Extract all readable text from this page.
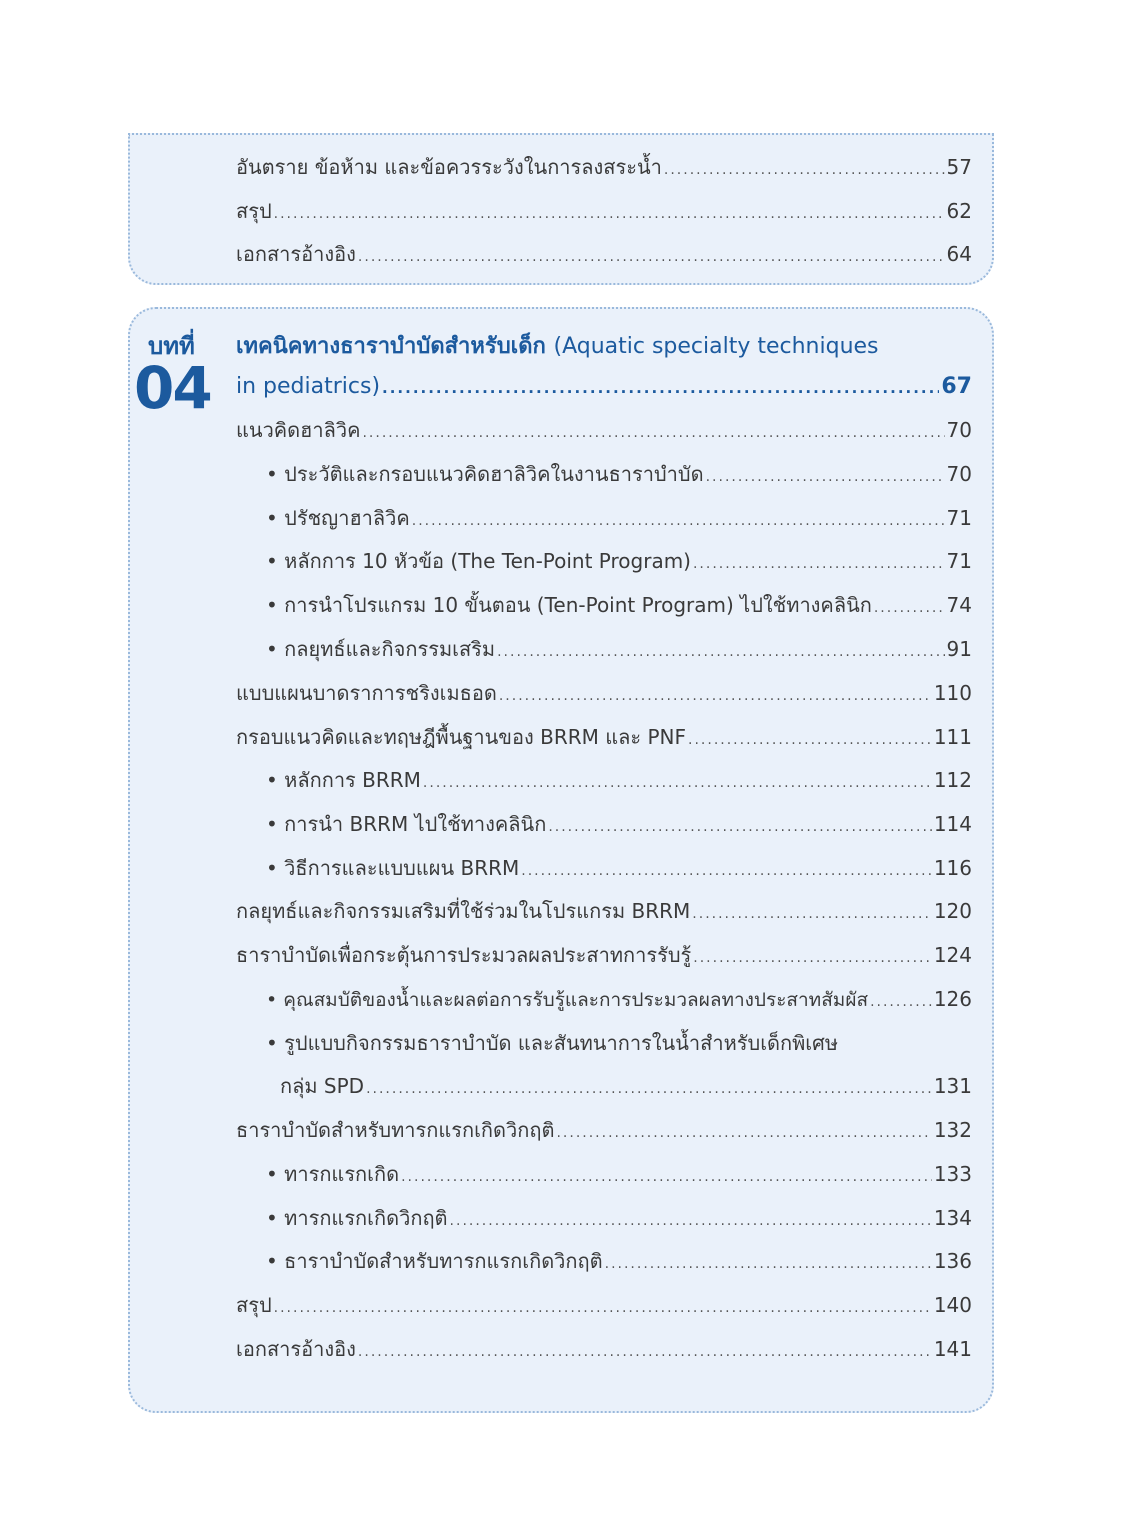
อันตราย ข้อห้าม และข้อควรระวังในการลงสระน้ำ .....	57
สรุป .....	62
เอกสารอ้างอิง .....	64
บทที่
04
เทคนิคทางธาราบำบัดสำหรับเด็ก (Aquatic specialty techniques
in pediatrics) .....	67
แนวคิดฮาลิวิค .....	70
• ประวัติและกรอบแนวคิดฮาลิวิคในงานธาราบำบัด .....	70
• ปรัชญาฮาลิวิค .....	71
• หลักการ 10 หัวข้อ (The Ten-Point Program) .....	71
• การนำโปรแกรม 10 ขั้นตอน (Ten-Point Program) ไปใช้ทางคลินิก .....	74
• กลยุทธ์และกิจกรรมเสริม .....	91
แบบแผนบาดราการชริงเมธอด .....	110
กรอบแนวคิดและทฤษฎีพื้นฐานของ BRRM และ PNF .....	111
• หลักการ BRRM .....	112
• การนำ BRRM ไปใช้ทางคลินิก .....	114
• วิธีการและแบบแผน BRRM .....	116
กลยุทธ์และกิจกรรมเสริมที่ใช้ร่วมในโปรแกรม BRRM .....	120
ธาราบำบัดเพื่อกระตุ้นการประมวลผลประสาทการรับรู้ .....	124
• คุณสมบัติของน้ำและผลต่อการรับรู้และการประมวลผลทางประสาทสัมผัส .....	126
• รูปแบบกิจกรรมธาราบำบัด และสันทนาการในน้ำสำหรับเด็กพิเศษ
กลุ่ม SPD .....	131
ธาราบำบัดสำหรับทารกแรกเกิดวิกฤติ .....	132
• ทารกแรกเกิด .....	133
• ทารกแรกเกิดวิกฤติ .....	134
• ธาราบำบัดสำหรับทารกแรกเกิดวิกฤติ .....	136
สรุป .....	140
เอกสารอ้างอิง .....	141
